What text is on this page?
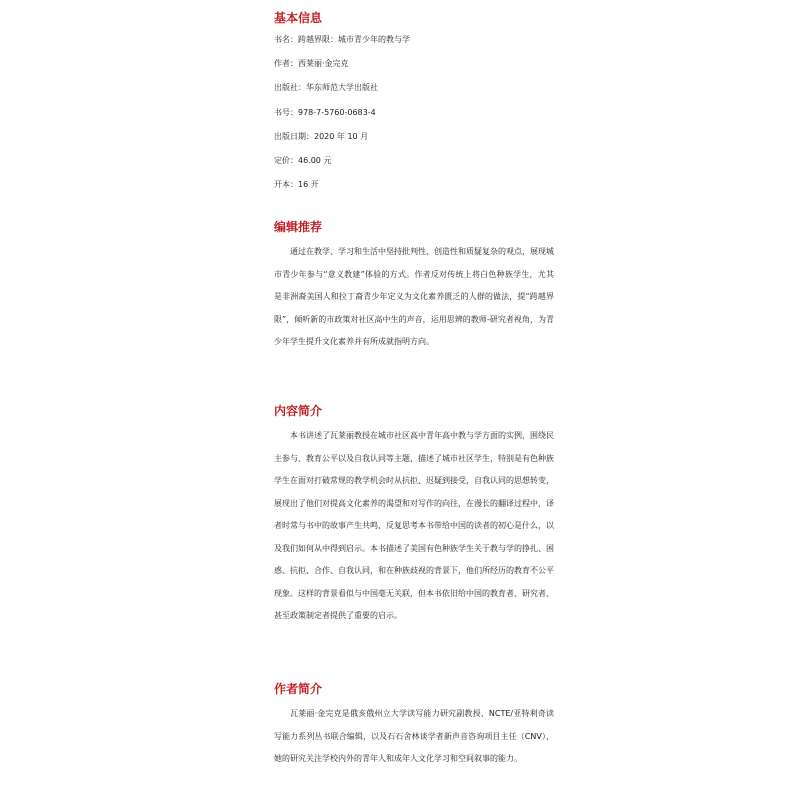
基本信息
书名：跨越界限：城市青少年的教与学
作者：西莱丽·金完克
出版社：华东师范大学出版社
书号：978-7-5760-0683-4
出版日期：2020 年 10 月
定价：46.00 元
开本：16 开
编辑推荐

通过在教学、学习和生活中坚持批判性、创造性和质疑复杂的观点，展现城市青少年参与“意义教建”体验的方式。作者反对传统上将白色种族学生，尤其是非洲裔美国人和拉丁裔青少年定义为文化素养匮乏的人群的做法，提“跨越界限”，倾听新的市政策对社区高中生的声音，运用思辨的教师-研究者视角，为青少年学生提升文化素养并有所成就指明方向。

内容简介

本书讲述了瓦莱丽教授在城市社区高中青年高中教与学方面的实例，围绕民主参与、教育公平以及自我认同等主题，描述了城市社区学生，特别是有色种族学生在面对打破常规的教学机会时从抗拒、迟疑到接受，自我认同的思想转变，展现出了他们对提高文化素养的渴望和对写作的向往，在漫长的翻译过程中，译者时常与书中的故事产生共鸣，反复思考本书带给中国的读者的初心是什么，以及我们如何从中得到启示。本书描述了美国有色种族学生关于教与学的挣扎、困惑、抗拒、合作、自我认同，和在种族歧视的背景下，他们所经历的教育不公平现象。这样的背景看似与中国毫无关联，但本书依旧给中国的教育者、研究者、甚至政策制定者提供了重要的启示。

作者简介

瓦莱丽·金完克是俄亥俄州立大学读写能力研究副教授、NCTE/亚特利奇读写能力系列丛书联合编辑，以及石石舍林谈学者新声音咨询项目主任（CNV），她的研究关注学校内外的青年人和成年人文化学习和空间叙事的能力。
